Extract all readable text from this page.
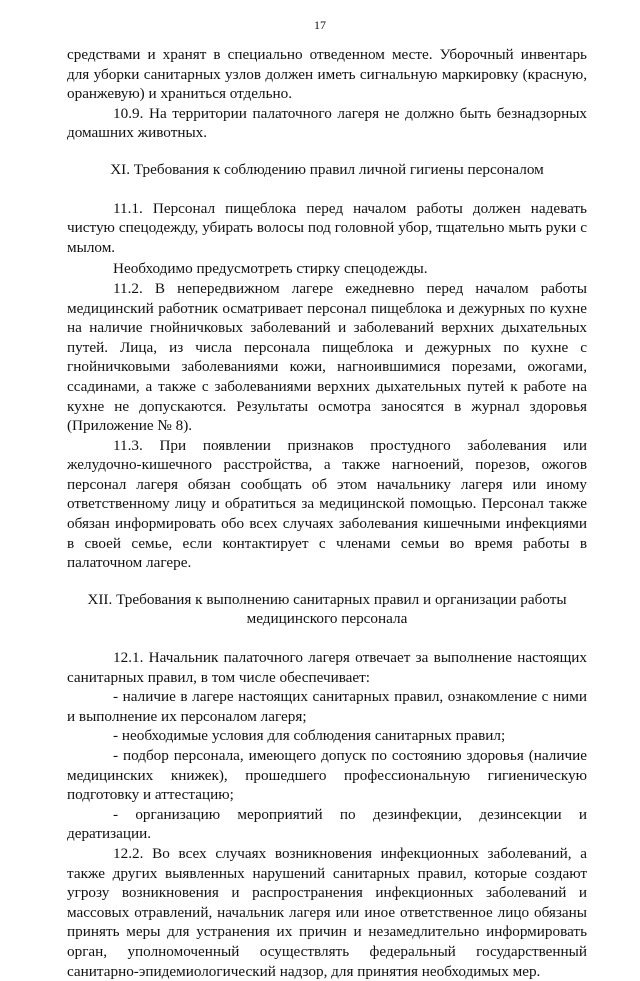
17

средствами и хранят в специально отведенном месте. Уборочный инвентарь для уборки санитарных узлов должен иметь сигнальную маркировку (красную, оранжевую) и храниться отдельно.

10.9. На территории палаточного лагеря не должно быть безнадзорных домашних животных.

XI. Требования к соблюдению правил личной гигиены персоналом

11.1. Персонал пищеблока перед началом работы должен надевать чистую спецодежду, убирать волосы под головной убор, тщательно мыть руки с мылом.

Необходимо предусмотреть стирку спецодежды.

11.2. В непередвижном лагере ежедневно перед началом работы медицинский работник осматривает персонал пищеблока и дежурных по кухне на наличие гнойничковых заболеваний и заболеваний верхних дыхательных путей. Лица, из числа персонала пищеблока и дежурных по кухне с гнойничковыми заболеваниями кожи, нагноившимися порезами, ожогами, ссадинами, а также с заболеваниями верхних дыхательных путей к работе на кухне не допускаются. Результаты осмотра заносятся в журнал здоровья (Приложение № 8).

11.3. При появлении признаков простудного заболевания или желудочно-кишечного расстройства, а также нагноений, порезов, ожогов персонал лагеря обязан сообщать об этом начальнику лагеря или иному ответственному лицу и обратиться за медицинской помощью. Персонал также обязан информировать обо всех случаях заболевания кишечными инфекциями в своей семье, если контактирует с членами семьи во время работы в палаточном лагере.

XII. Требования к выполнению санитарных правил и организации работы

медицинского персонала

12.1. Начальник палаточного лагеря отвечает за выполнение настоящих санитарных правил, в том числе обеспечивает:

- наличие в лагере настоящих санитарных правил, ознакомление с ними и выполнение их персоналом лагеря;

- необходимые условия для соблюдения санитарных правил;

- подбор персонала, имеющего допуск по состоянию здоровья (наличие медицинских книжек), прошедшего профессиональную гигиеническую подготовку и аттестацию;

- организацию мероприятий по дезинфекции, дезинсекции и дератизации.

12.2. Во всех случаях возникновения инфекционных заболеваний, а также других выявленных нарушений санитарных правил, которые создают угрозу возникновения и распространения инфекционных заболеваний и массовых отравлений, начальник лагеря или иное ответственное лицо обязаны принять меры для устранения их причин и незамедлительно информировать орган, уполномоченный осуществлять федеральный государственный санитарно-эпидемиологический надзор, для принятия необходимых мер.
